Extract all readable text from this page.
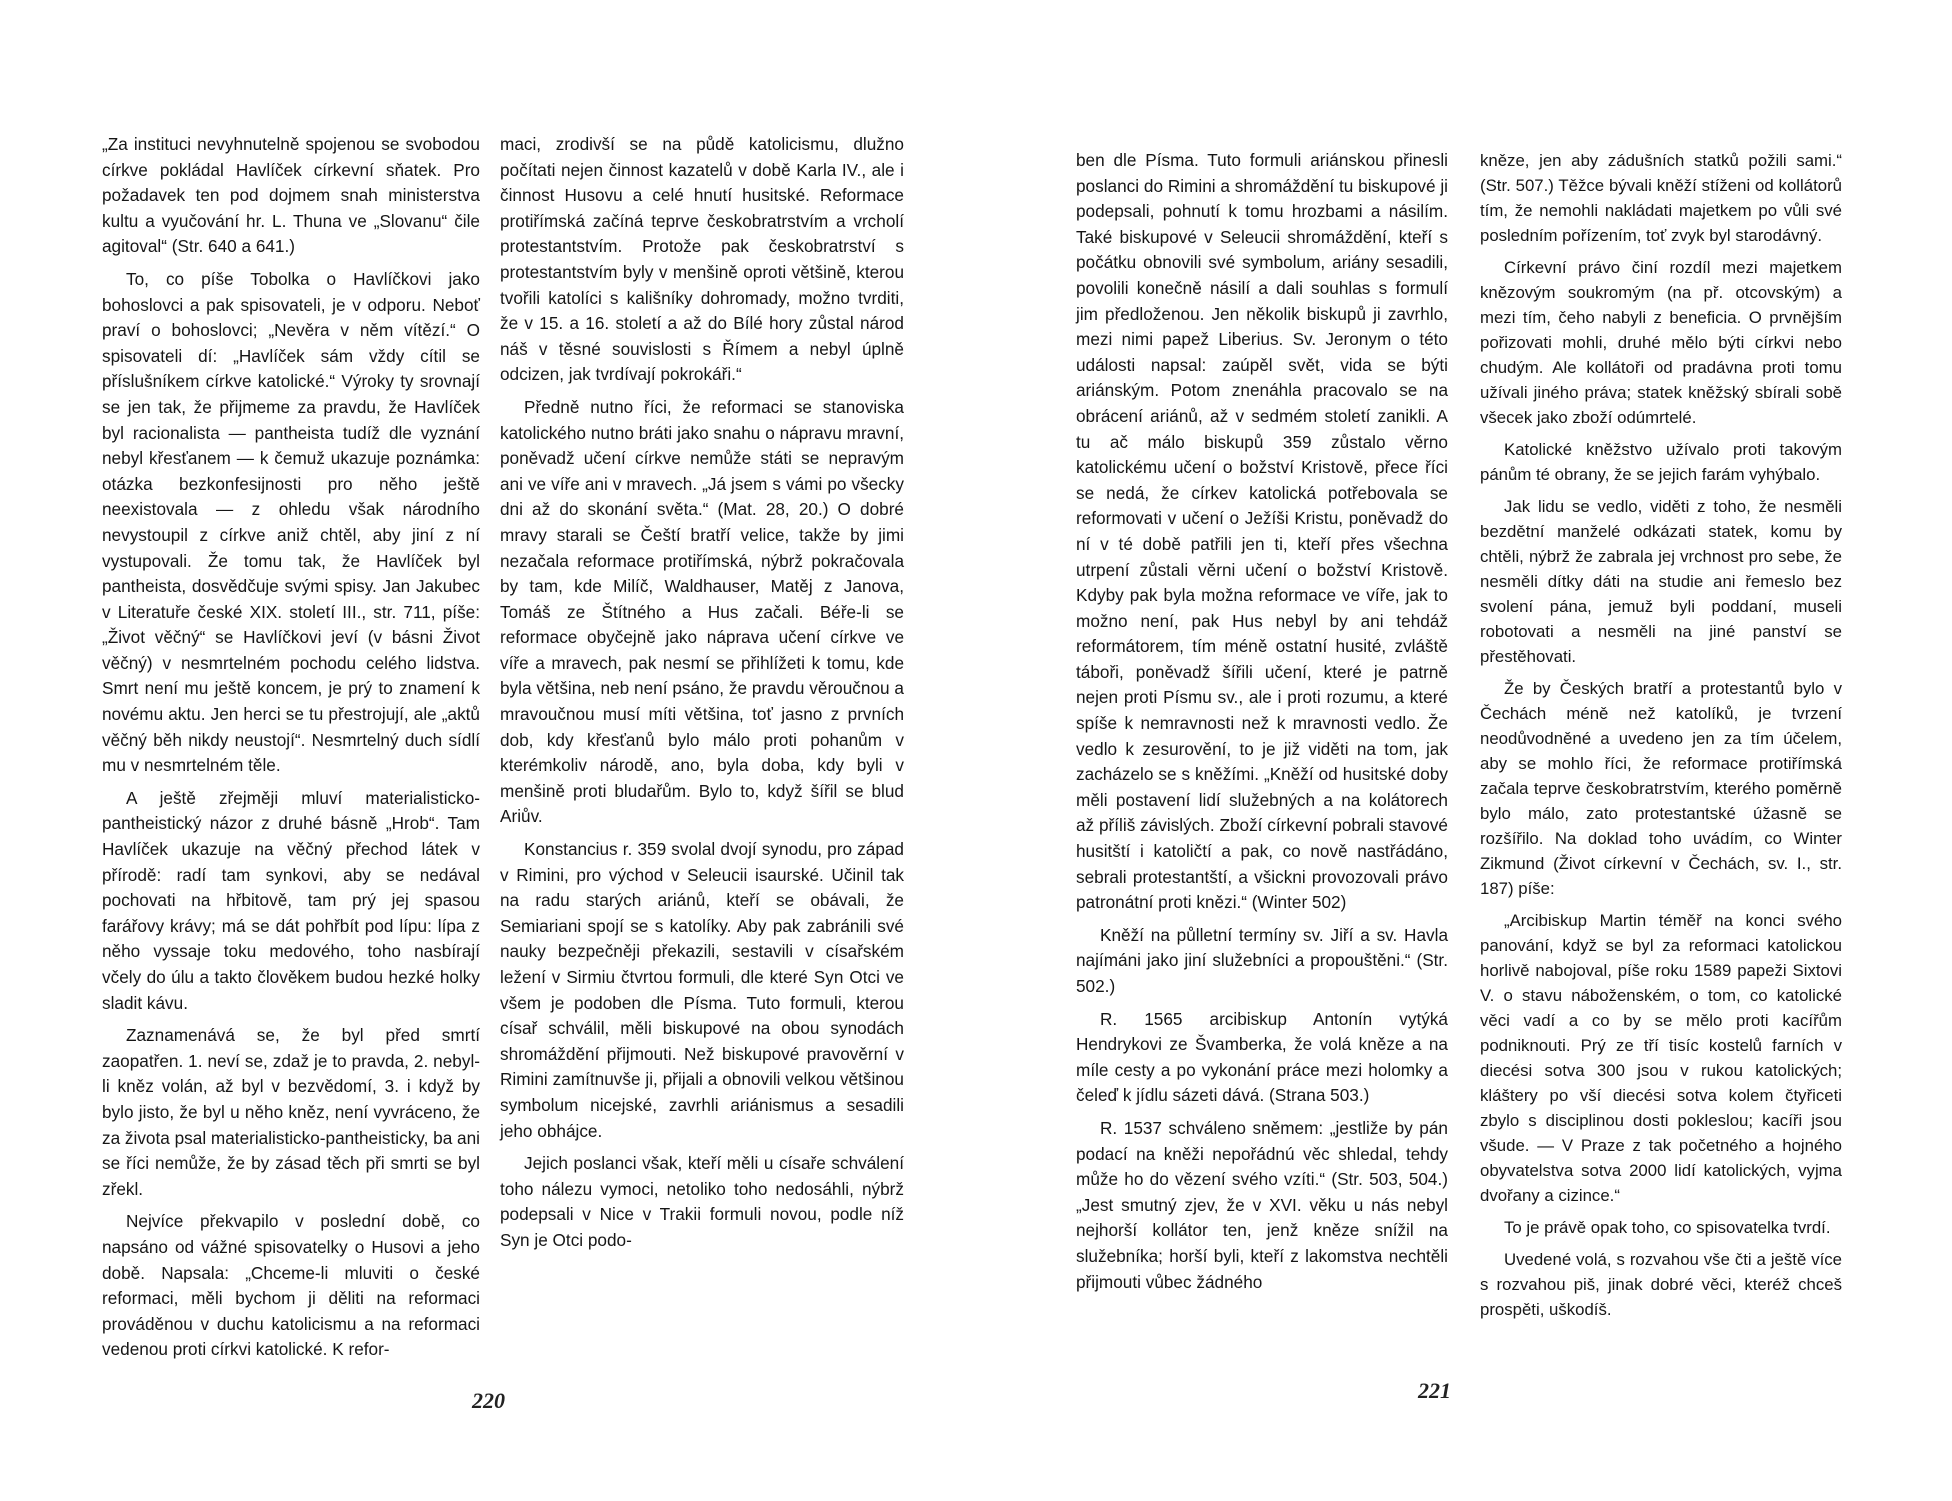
„Za instituci nevyhnutelně spojenou se svobodou církve pokládal Havlíček církevní sňatek. Pro požadavek ten pod dojmem snah ministerstva kultu a vyučování hr. L. Thuna ve „Slovanu“ čile agitoval“ (Str. 640 a 641.)

To, co píše Tobolka o Havlíčkovi jako bohoslovci a pak spisovateli, je v odporu. Neboť praví o bohoslovci; „Nevěra v něm vítězí.“ O spisovateli dí: „Havlíček sám vždy cítil se příslušníkem církve katolické.“ Výroky ty srovnají se jen tak, že přijmeme za pravdu, že Havlíček byl racionalista — pantheista tudíž dle vyznání nebyl křesťanem — k čemuž ukazuje poznámka: otázka bezkonfesijnosti pro něho ještě neexistovala — z ohledu však národního nevystoupil z církve aniž chtěl, aby jiní z ní vystupovali. Že tomu tak, že Havlíček byl pantheista, dosvědčuje svými spisy. Jan Jakubec v Literatuře české XIX. století III., str. 711, píše: „Život věčný“ se Havlíčkovi jeví (v básni Život věčný) v nesmrtelném pochodu celého lidstva. Smrt není mu ještě koncem, je prý to znamení k novému aktu. Jen herci se tu přestrojují, ale „aktů věčný běh nikdy neustojí“. Nesmrtelný duch sídlí mu v nesmrtelném těle.

A ještě zřejměji mluví materialisticko-pantheistický názor z druhé básně „Hrob“. Tam Havlíček ukazuje na věčný přechod látek v přírodě: radí tam synkovi, aby se nedával pochovati na hřbitově, tam prý jej spasou farářovy krávy; má se dát pohřbít pod lípu: lípa z něho vyssaje toku medového, toho nasbírají včely do úlu a takto člověkem budou hezké holky sladit kávu.

Zaznamenává se, že byl před smrtí zaopatřen. 1. neví se, zdaž je to pravda, 2. nebyl-li kněz volán, až byl v bezvědomí, 3. i když by bylo jisto, že byl u něho kněz, není vyvráceno, že za života psal materialisticko-pantheisticky, ba ani se říci nemůže, že by zásad těch při smrti se byl zřekl.

Nejvíce překvapilo v poslední době, co napsáno od vážné spisovatelky o Husovi a jeho době. Napsala: „Chceme-li mluviti o české reformaci, měli bychom ji děliti na reformaci prováděnou v duchu katolicismu a na reformaci vedenou proti církvi katolické. K refor-

maci, zrodivší se na půdě katolicismu, dlužno počítati nejen činnost kazatelů v době Karla IV., ale i činnost Husovu a celé hnutí husitské. Reformace protiřímská začíná teprve českobratrstvím a vrcholí protestantstvím. Protože pak českobratrství s protestantstvím byly v menšině oproti většině, kterou tvořili katolíci s kališníky dohromady, možno tvrditi, že v 15. a 16. století a až do Bílé hory zůstal národ náš v těsné souvislosti s Římem a nebyl úplně odcizen, jak tvrdívají pokrokáři.“

Předně nutno říci, že reformaci se stanoviska katolického nutno bráti jako snahu o nápravu mravní, poněvadž učení církve nemůže státi se nepravým ani ve víře ani v mravech. „Já jsem s vámi po všecky dni až do skonání světa.“ (Mat. 28, 20.) O dobré mravy starali se Čeští bratří velice, takže by jimi nezačala reformace protiřímská, nýbrž pokračovala by tam, kde Milíč, Waldhauser, Matěj z Janova, Tomáš ze Štítného a Hus začali. Béře-li se reformace obyčejně jako náprava učení církve ve víře a mravech, pak nesmí se přihlížeti k tomu, kde byla většina, neb není psáno, že pravdu věroučnou a mravoučnou musí míti většina, toť jasno z prvních dob, kdy křesťanů bylo málo proti pohanům v kterémkoliv národě, ano, byla doba, kdy byli v menšině proti bludařům. Bylo to, když šířil se blud Ariův.

Konstancius r. 359 svolal dvojí synodu, pro západ v Rimini, pro východ v Seleucii isaurské. Učinil tak na radu starých ariánů, kteří se obávali, že Semiariani spojí se s katolíky. Aby pak zabránili své nauky bezpečněji překazili, sestavili v císařském ležení v Sirmiu čtvrtou formuli, dle které Syn Otci ve všem je podoben dle Písma. Tuto formuli, kterou císař schválil, měli biskupové na obou synodách shromáždění přijmouti. Než biskupové pravověrní v Rimini zamítnuvše ji, přijali a obnovili velkou většinou symbolum nicejské, zavrhli ariánismus a sesadili jeho obhájce.

Jejich poslanci však, kteří měli u císaře schválení toho nálezu vymoci, netoliko toho nedosáhli, nýbrž podepsali v Nice v Trakii formuli novou, podle níž Syn je Otci podo-

220

ben dle Písma. Tuto formuli ariánskou přinesli poslanci do Rimini a shromáždění tu biskupové ji podepsali, pohnutí k tomu hrozbami a násilím. Také biskupové v Seleucii shromáždění, kteří s počátku obnovili své symbolum, ariány sesadili, povolili konečně násilí a dali souhlas s formulí jim předloženou. Jen několik biskupů ji zavrhlo, mezi nimi papež Liberius. Sv. Jeronym o této události napsal: zaúpěl svět, vida se býti ariánským. Potom znenáhla pracovalo se na obrácení ariánů, až v sedmém století zanikli. A tu ač málo biskupů 359 zůstalo věrno katolickému učení o božství Kristově, přece říci se nedá, že církev katolická potřebovala se reformovati v učení o Ježíši Kristu, poněvadž do ní v té době patřili jen ti, kteří přes všechna utrpení zůstali věrni učení o božství Kristově. Kdyby pak byla možna reformace ve víře, jak to možno není, pak Hus nebyl by ani tehdáž reformátorem, tím méně ostatní husité, zvláště táboři, poněvadž šířili učení, které je patrně nejen proti Písmu sv., ale i proti rozumu, a které spíše k nemravnosti než k mravnosti vedlo. Že vedlo k zesurovění, to je již viděti na tom, jak zacházelo se s kněžími. „Kněží od husitské doby měli postavení lidí služebných a na kolátorech až příliš závislých. Zboží církevní pobrali stavové husitští i katoličtí a pak, co nově nastřádáno, sebrali protestantští, a všickni provozovali právo patronátní proti knězi.“ (Winter 502)

Kněží na půlletní termíny sv. Jiří a sv. Havla najímáni jako jiní služebníci a propouštěni.“ (Str. 502.)

R. 1565 arcibiskup Antonín vytýká Hendrykovi ze Švamberka, že volá kněze a na míle cesty a po vykonání práce mezi holomky a čeleď k jídlu sázeti dává. (Strana 503.)

R. 1537 schváleno sněmem: „jestliže by pán podací na kněži nepořádnú věc shledal, tehdy může ho do vězení svého vzíti.“ (Str. 503, 504.) „Jest smutný zjev, že v XVI. věku u nás nebyl nejhorší kollátor ten, jenž kněze snížil na služebníka; horší byli, kteří z lakomstva nechtěli přijmouti vůbec žádného

kněze, jen aby zádušních statků požili sami.“ (Str. 507.) Těžce bývali kněží stíženi od kollátorů tím, že nemohli nakládati majetkem po vůli své posledním pořízením, toť zvyk byl starodávný.

Církevní právo činí rozdíl mezi majetkem knězovým soukromým (na př. otcovským) a mezi tím, čeho nabyli z beneficia. O prvnějším pořizovati mohli, druhé mělo býti církvi nebo chudým. Ale kollátoři od pradávna proti tomu užívali jiného práva; statek kněžský sbírali sobě všecek jako zboží odúmrtelé.

Katolické kněžstvo užívalo proti takovým pánům té obrany, že se jejich farám vyhýbalo.

Jak lidu se vedlo, viděti z toho, že nesměli bezdětní manželé odkázati statek, komu by chtěli, nýbrž že zabrala jej vrchnost pro sebe, že nesměli dítky dáti na studie ani řemeslo bez svolení pána, jemuž byli poddaní, museli robotovati a nesměli na jiné panství se přestěhovati.

Že by Českých bratří a protestantů bylo v Čechách méně než katolíků, je tvrzení neodůvodněné a uvedeno jen za tím účelem, aby se mohlo říci, že reformace protiřímská začala teprve českobratrstvím, kterého poměrně bylo málo, zato protestantské úžasně se rozšířilo. Na doklad toho uvádím, co Winter Zikmund (Život církevní v Čechách, sv. I., str. 187) píše:

„Arcibiskup Martin téměř na konci svého panování, když se byl za reformaci katolickou horlivě nabojoval, píše roku 1589 papeži Sixtovi V. o stavu náboženském, o tom, co katolické věci vadí a co by se mělo proti kacířům podniknouti. Prý ze tří tisíc kostelů farních v diecési sotva 300 jsou v rukou katolických; kláštery po vší diecési sotva kolem čtyřiceti zbylo s disciplinou dosti pokleslou; kacíři jsou všude. — V Praze z tak početného a hojného obyvatelstva sotva 2000 lidí katolických, vyjma dvořany a cizince.“

To je právě opak toho, co spisovatelka tvrdí.

Uvedené volá, s rozvahou vše čti a ještě více s rozvahou piš, jinak dobré věci, kteréž chceš prospěti, uškodíš.

221
